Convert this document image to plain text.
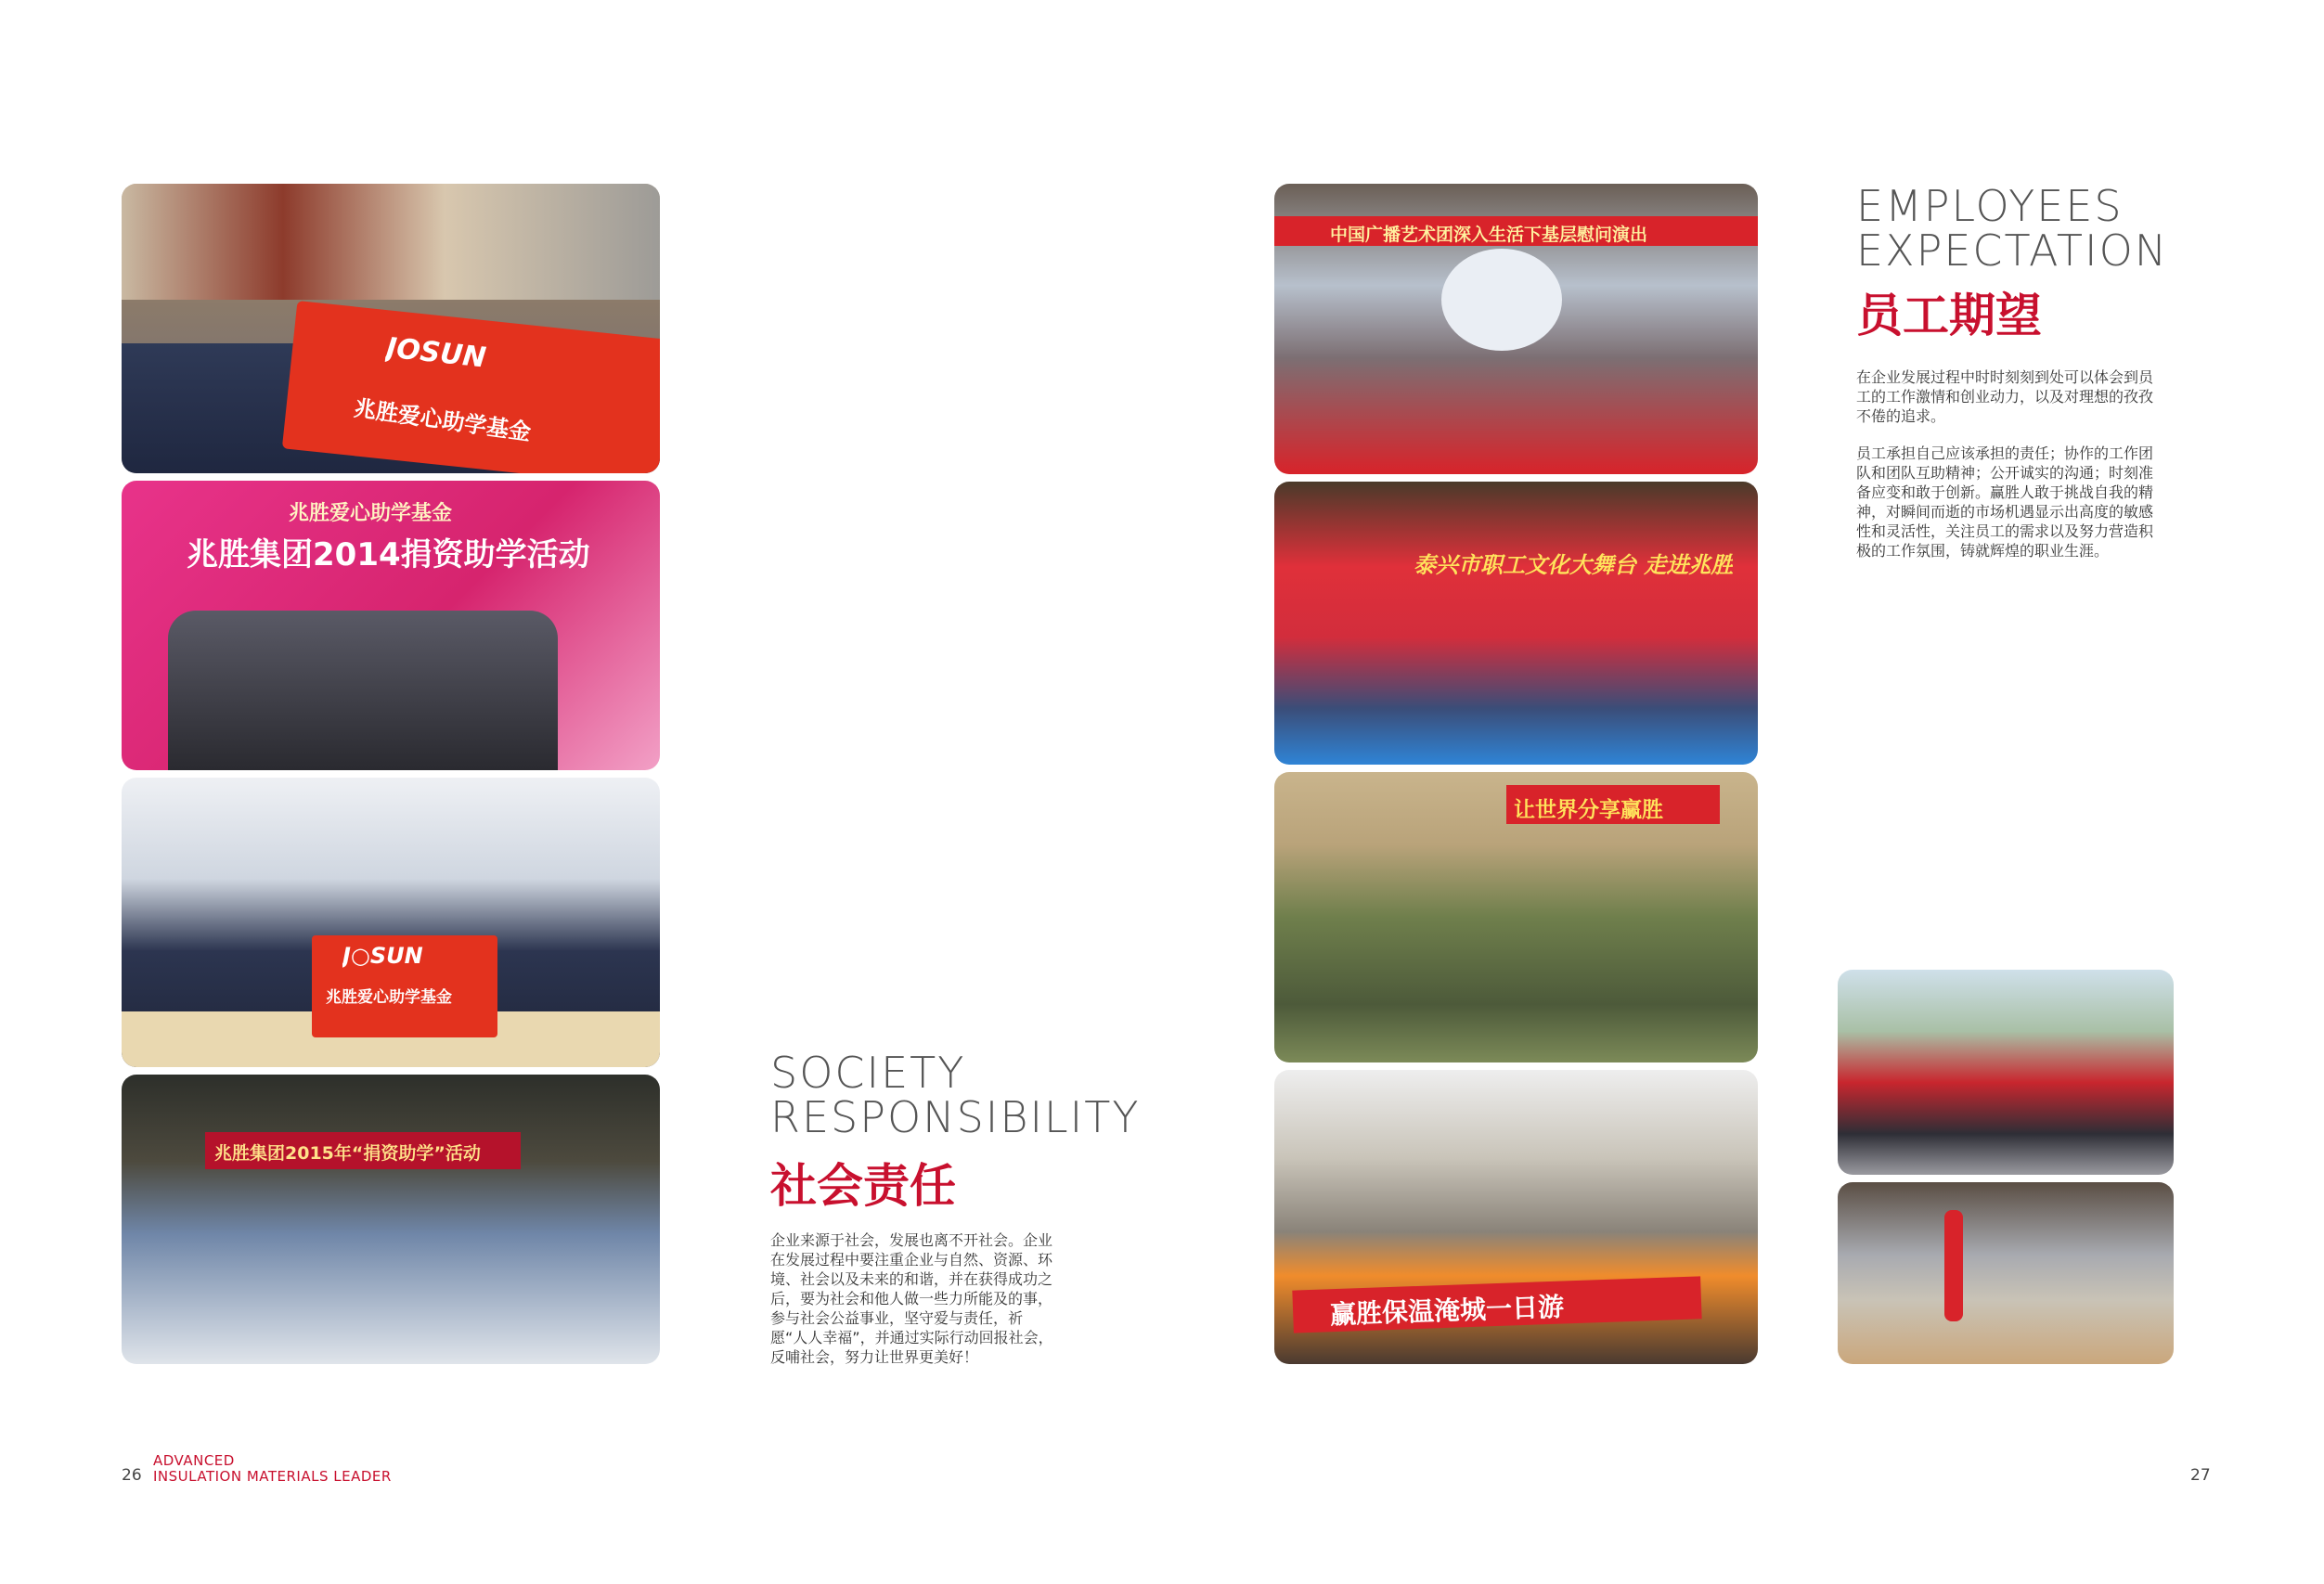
JOSUN
兆胜爱心助学基金
兆胜爱心助学基金
兆胜集团2014捐资助学活动
J○SUN
兆胜爱心助学基金
兆胜集团2015年“捐资助学”活动
SOCIETY
RESPONSIBILITY
社会责任

企业来源于社会，发展也离不开社会。企业在发展过程中要注重企业与自然、资源、环境、社会以及未来的和谐，并在获得成功之后，要为社会和他人做一些力所能及的事，参与社会公益事业，坚守爱与责任，祈愿“人人幸福”，并通过实际行动回报社会，反哺社会，努力让世界更美好！

26
ADVANCED
INSULATION MATERIALS LEADER
中国广播艺术团深入生活下基层慰问演出
泰兴市职工文化大舞台 走进兆胜
让世界分享赢胜
赢胜保温淹城一日游
EMPLOYEES
EXPECTATION
员工期望

在企业发展过程中时时刻刻到处可以体会到员工的工作激情和创业动力，以及对理想的孜孜不倦的追求。

员工承担自己应该承担的责任；协作的工作团队和团队互助精神；公开诚实的沟通；时刻准备应变和敢于创新。赢胜人敢于挑战自我的精神，对瞬间而逝的市场机遇显示出高度的敏感性和灵活性，关注员工的需求以及努力营造积极的工作氛围，铸就辉煌的职业生涯。

27
